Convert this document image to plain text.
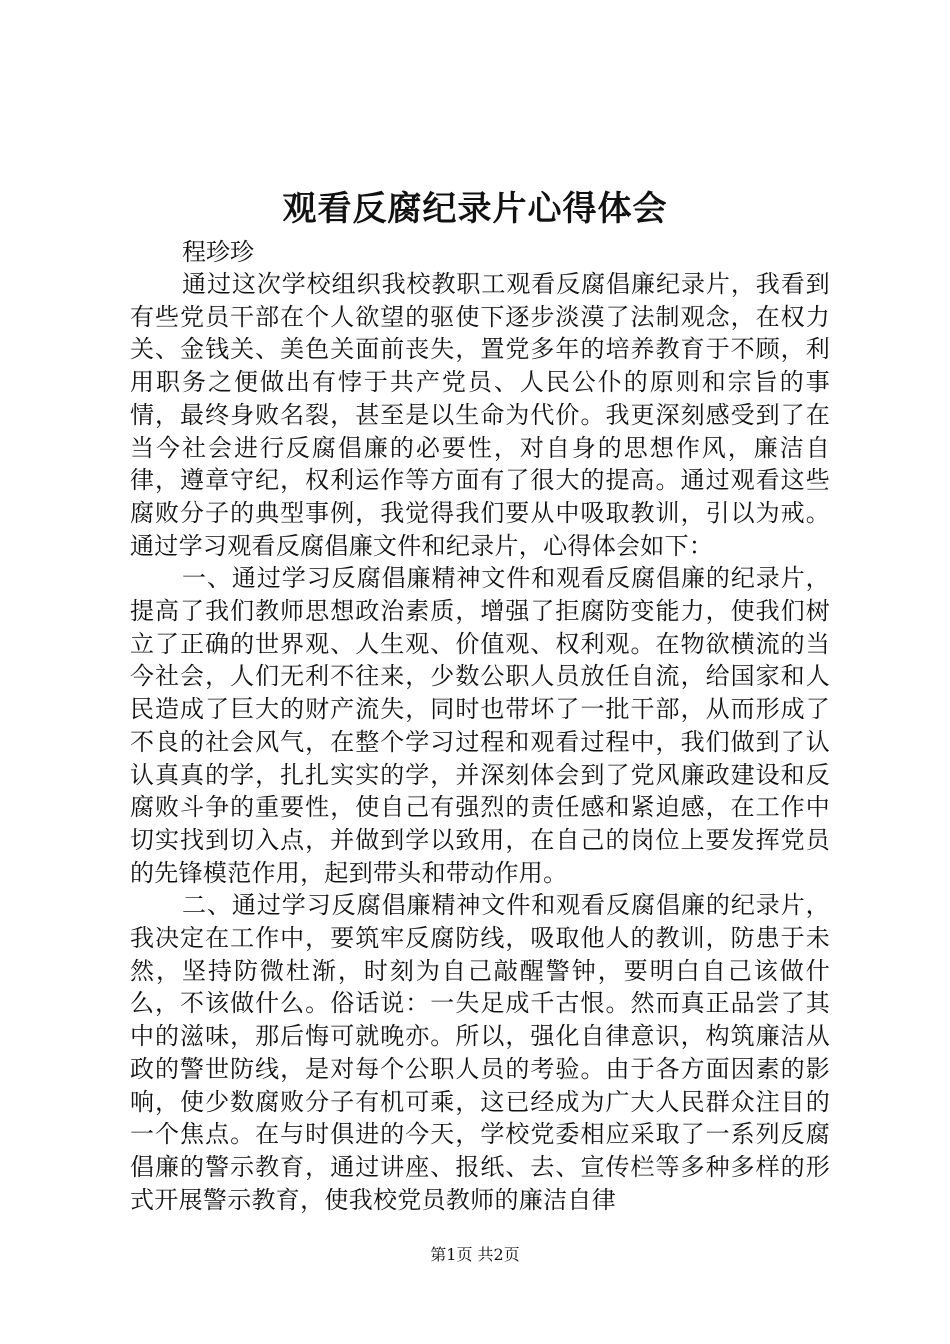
观看反腐纪录片心得体会

程珍珍

通过这次学校组织我校教职工观看反腐倡廉纪录片，我看到有些党员干部在个人欲望的驱使下逐步淡漠了法制观念，在权力关、金钱关、美色关面前丧失，置党多年的培养教育于不顾，利用职务之便做出有悖于共产党员、人民公仆的原则和宗旨的事情，最终身败名裂，甚至是以生命为代价。我更深刻感受到了在当今社会进行反腐倡廉的必要性，对自身的思想作风，廉洁自律，遵章守纪，权利运作等方面有了很大的提高。通过观看这些腐败分子的典型事例，我觉得我们要从中吸取教训，引以为戒。通过学习观看反腐倡廉文件和纪录片，心得体会如下：

一、通过学习反腐倡廉精神文件和观看反腐倡廉的纪录片，提高了我们教师思想政治素质，增强了拒腐防变能力，使我们树立了正确的世界观、人生观、价值观、权利观。在物欲横流的当今社会，人们无利不往来，少数公职人员放任自流，给国家和人民造成了巨大的财产流失，同时也带坏了一批干部，从而形成了不良的社会风气，在整个学习过程和观看过程中，我们做到了认认真真的学，扎扎实实的学，并深刻体会到了党风廉政建设和反腐败斗争的重要性，使自己有强烈的责任感和紧迫感，在工作中切实找到切入点，并做到学以致用，在自己的岗位上要发挥党员的先锋模范作用，起到带头和带动作用。

二、通过学习反腐倡廉精神文件和观看反腐倡廉的纪录片，我决定在工作中，要筑牢反腐防线，吸取他人的教训，防患于未然，坚持防微杜渐，时刻为自己敲醒警钟，要明白自己该做什么，不该做什么。俗话说：一失足成千古恨。然而真正品尝了其中的滋味，那后悔可就晚亦。所以，强化自律意识，构筑廉洁从政的警世防线，是对每个公职人员的考验。由于各方面因素的影响，使少数腐败分子有机可乘，这已经成为广大人民群众注目的一个焦点。在与时俱进的今天，学校党委相应采取了一系列反腐倡廉的警示教育，通过讲座、报纸、去、宣传栏等多种多样的形式开展警示教育，使我校党员教师的廉洁自律

第1页 共2页
